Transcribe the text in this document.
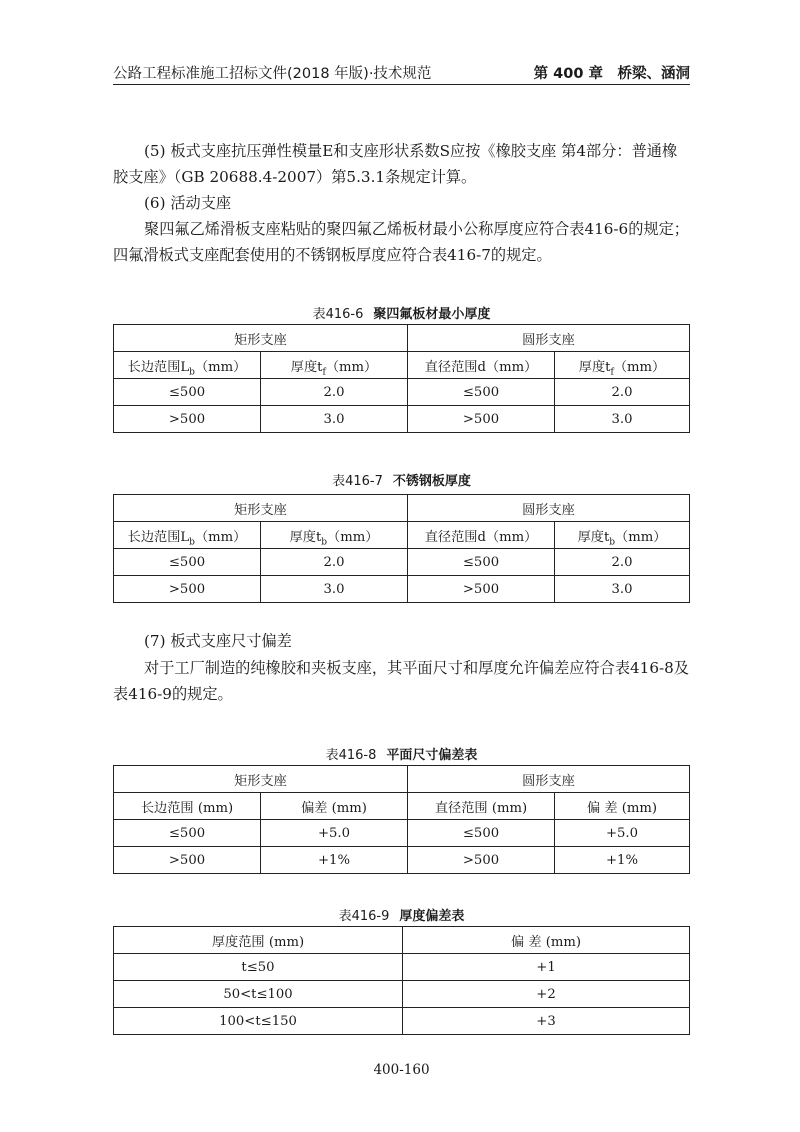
公路工程标准施工招标文件(2018 年版)·技术规范	第 400 章　桥梁、涵洞

(5) 板式支座抗压弹性模量E和支座形状系数S应按《橡胶支座 第4部分：普通橡胶支座》（GB 20688.4-2007）第5.3.1条规定计算。

(6) 活动支座

聚四氟乙烯滑板支座粘贴的聚四氟乙烯板材最小公称厚度应符合表416-6的规定；四氟滑板式支座配套使用的不锈钢板厚度应符合表416-7的规定。

表416-6 聚四氟板材最小厚度
矩形支座		圆形支座	
长边范围$L_b(mm)$	厚度$t_f(mm)$	直径范围d（mm）	厚度$t_f(mm)$
≤500	2.0	≤500	2.0
>500	3.0	>500	3.0
表416-7 不锈钢板厚度
矩形支座		圆形支座	
长边范围$L_b(mm)$	厚度$t_b(mm)$	直径范围d（mm）	厚度$t_b(mm)$
≤500	2.0	≤500	2.0
>500	3.0	>500	3.0

(7) 板式支座尺寸偏差

对于工厂制造的纯橡胶和夹板支座，其平面尺寸和厚度允许偏差应符合表416-8及表416-9的规定。

表416-8 平面尺寸偏差表
矩形支座		圆形支座	
长边范围 (mm)	偏差 (mm)	直径范围 (mm)	偏 差 (mm)
≤500	+5.0	≤500	+5.0
>500	+1%	>500	+1%
表416-9 厚度偏差表
厚度范围 (mm)	偏 差 (mm)
t≤50	+1
50<t≤100	+2
100<t≤150	+3
400-160
